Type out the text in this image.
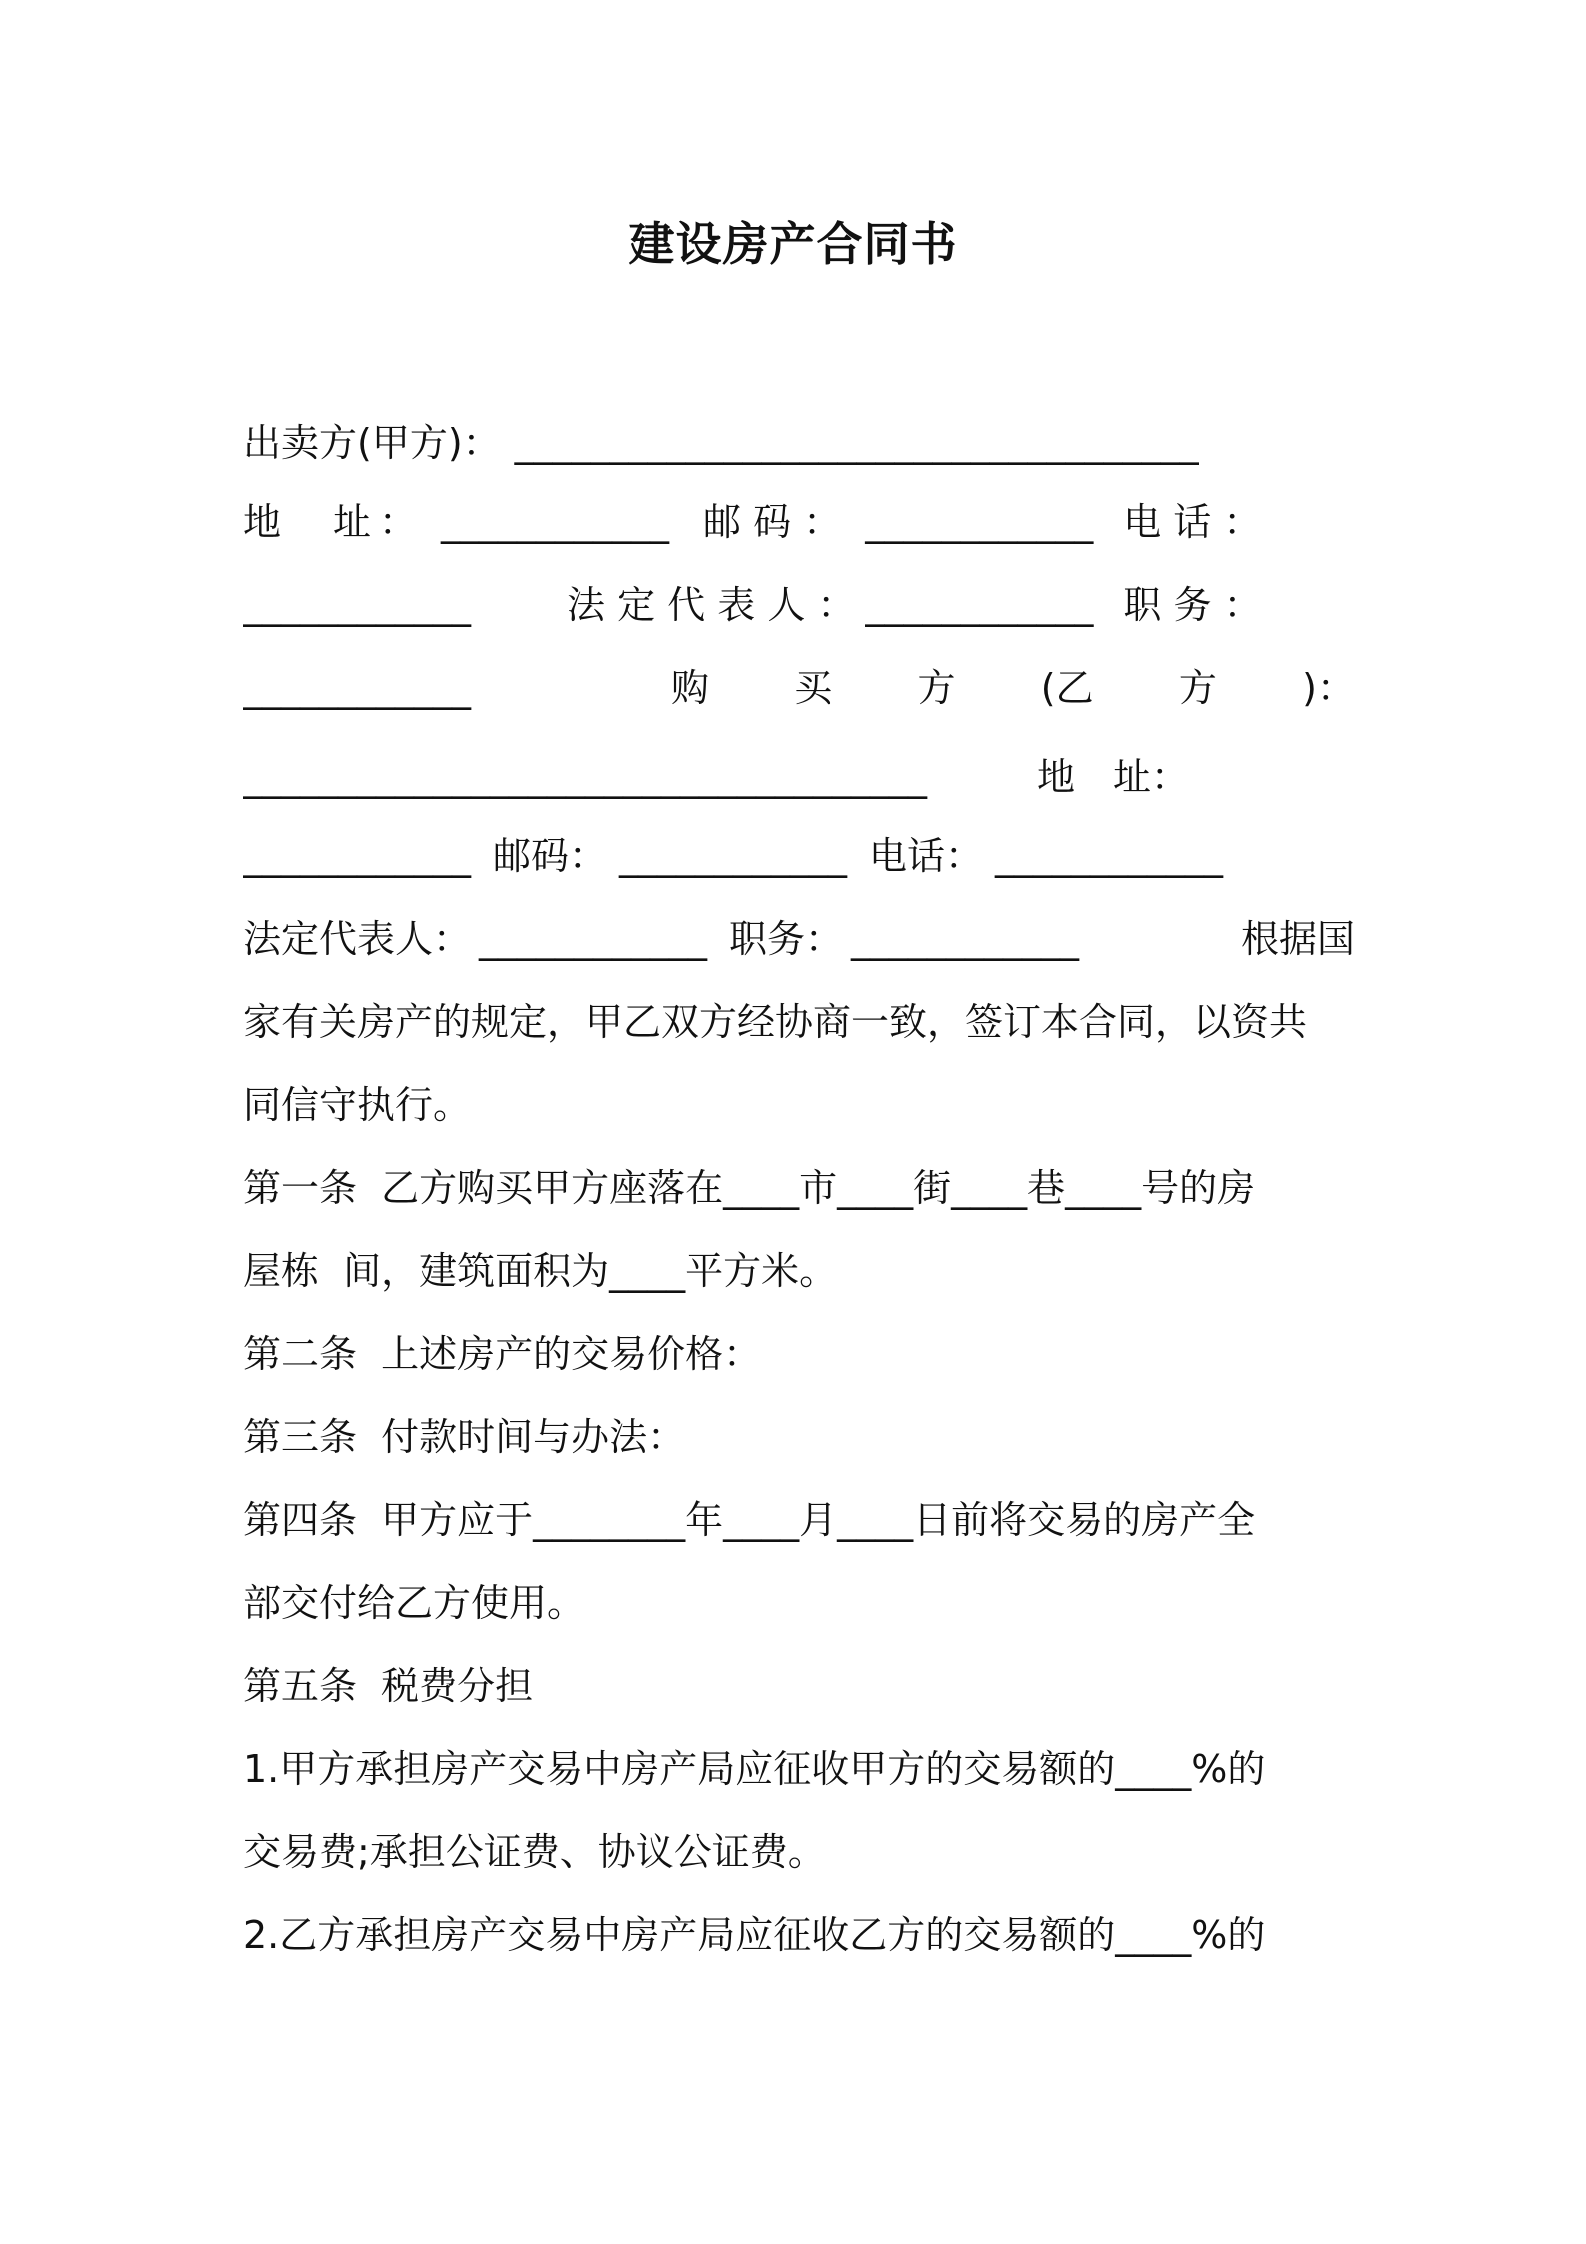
建设房产合同书
出卖方(甲方)： ____________________________________
地 址 ： ____________ 邮 码 ： ____________ 电 话 ：
____________	法 定 代 表 人 ： ____________ 职 务 ：
____________	购 买 方 (乙 方 )：
____________________________________	地　址：
____________ 邮码： ____________ 电话： ____________
法定代表人： ____________ 职务： ____________	根据国
家有关房产的规定，甲乙双方经协商一致，签订本合同，以资共
同信守执行。
第一条  乙方购买甲方座落在____市____街____巷____号的房
屋栋  间，建筑面积为____平方米。
第二条  上述房产的交易价格：
第三条  付款时间与办法：
第四条  甲方应于________年____月____日前将交易的房产全
部交付给乙方使用。
第五条  税费分担
1.甲方承担房产交易中房产局应征收甲方的交易额的____%的
交易费;承担公证费、协议公证费。
2.乙方承担房产交易中房产局应征收乙方的交易额的____%的
